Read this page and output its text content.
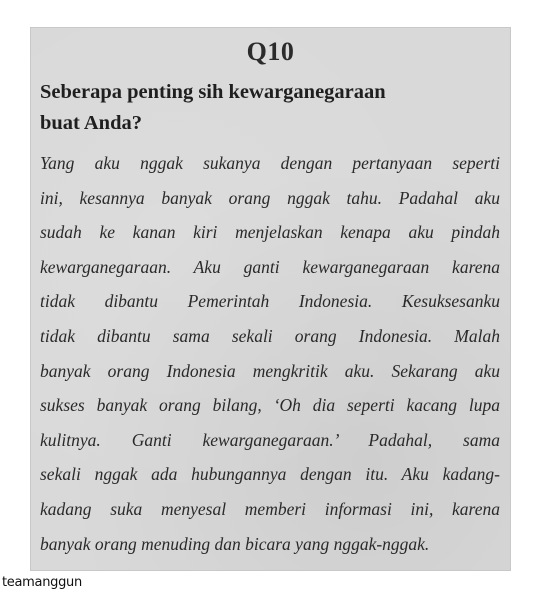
Q10
Seberapa penting sih kewarganegaraan
buat Anda?
Yang aku nggak sukanya dengan pertanyaan seperti
ini, kesannya banyak orang nggak tahu. Padahal aku
sudah ke kanan kiri menjelaskan kenapa aku pindah
kewarganegaraan. Aku ganti kewarganegaraan karena
tidak dibantu Pemerintah Indonesia. Kesuksesanku
tidak dibantu sama sekali orang Indonesia. Malah
banyak orang Indonesia mengkritik aku. Sekarang aku
sukses banyak orang bilang, ‘Oh dia seperti kacang lupa
kulitnya. Ganti kewarganegaraan.’ Padahal, sama
sekali nggak ada hubungannya dengan itu. Aku kadang-
kadang suka menyesal memberi informasi ini, karena
banyak orang menuding dan bicara yang nggak-nggak.
teamanggun
